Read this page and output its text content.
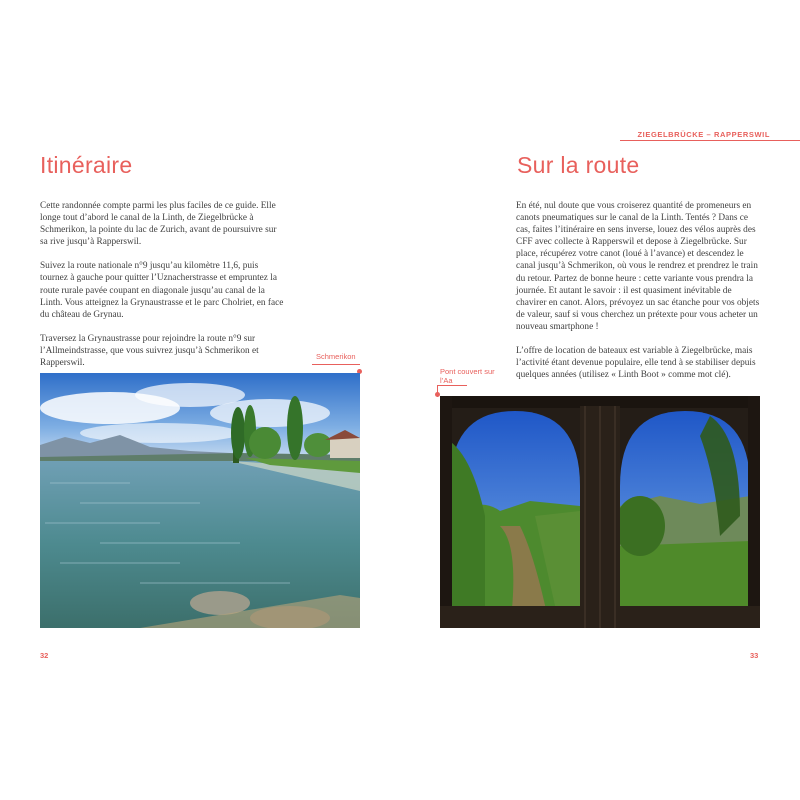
ZIEGELBRÜCKE – RAPPERSWIL
Itinéraire

Cette randonnée compte parmi les plus faciles de ce guide. Elle longe tout d’abord le canal de la Linth, de Ziegelbrücke à Schmerikon, la pointe du lac de Zurich, avant de poursuivre sur sa rive jusqu’à Rapperswil.

Suivez la route nationale n°9 jusqu’au kilomètre 11,6, puis tournez à gauche pour quitter l’Uznacherstrasse et empruntez la route rurale pavée coupant en diagonale jusqu’au canal de la Linth. Vous atteignez la Grynaustrasse et le parc Cholriet, en face du château de Grynau.

Traversez la Grynaustrasse pour rejoindre la route n°9 sur l’Allmeindstrasse, que vous suivrez jusqu’à Schmerikon et Rapperswil.

Schmerikon
32
Sur la route

En été, nul doute que vous croiserez quantité de promeneurs en canots pneumatiques sur le canal de la Linth. Tentés ? Dans ce cas, faites l’itinéraire en sens inverse, louez des vélos auprès des CFF avec collecte à Rapperswil et depose à Ziegelbrücke. Sur place, récupérez votre canot (loué à l’avance) et descendez le canal jusqu’à Schmerikon, où vous le rendrez et prendrez le train du retour. Partez de bonne heure : cette variante vous prendra la journée. Et autant le savoir : il est quasiment inévitable de chavirer en canot. Alors, prévoyez un sac étanche pour vos objets de valeur, sauf si vous cherchez un prétexte pour vous acheter un nouveau smartphone !

L’offre de location de bateaux est variable à Ziegelbrücke, mais l’activité étant devenue populaire, elle tend à se stabiliser depuis quelques années (utilisez « Linth Boot » comme mot clé).

Pont couvert sur l’Aa
33
